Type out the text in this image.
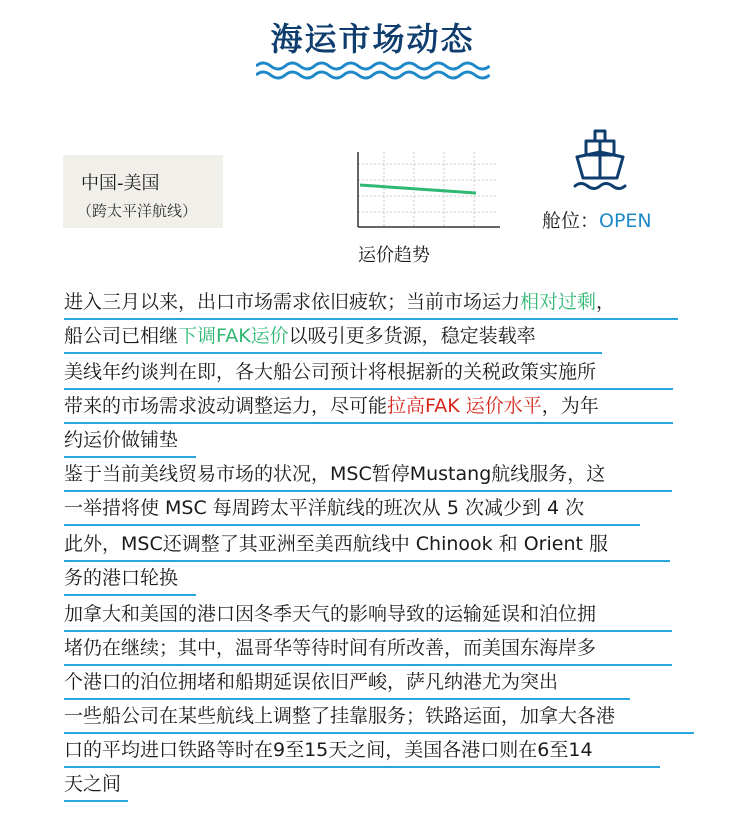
海运市场动态
中国-美国
（跨太平洋航线）
运价趋势
舱位：OPEN
进入三月以来，出口市场需求依旧疲软；当前市场运力相对过剩，
船公司已相继下调FAK运价以吸引更多货源，稳定装载率
美线年约谈判在即，各大船公司预计将根据新的关税政策实施所
带来的市场需求波动调整运力，尽可能拉高FAK 运价水平，为年
约运价做铺垫
鉴于当前美线贸易市场的状况，MSC暂停Mustang航线服务，这
一举措将使 MSC 每周跨太平洋航线的班次从 5 次减少到 4 次
此外，MSC还调整了其亚洲至美西航线中 Chinook 和 Orient 服
务的港口轮换
加拿大和美国的港口因冬季天气的影响导致的运输延误和泊位拥
堵仍在继续；其中，温哥华等待时间有所改善，而美国东海岸多
个港口的泊位拥堵和船期延误依旧严峻，萨凡纳港尤为突出
一些船公司在某些航线上调整了挂靠服务；铁路运面，加拿大各港
口的平均进口铁路等时在9至15天之间，美国各港口则在6至14
天之间
